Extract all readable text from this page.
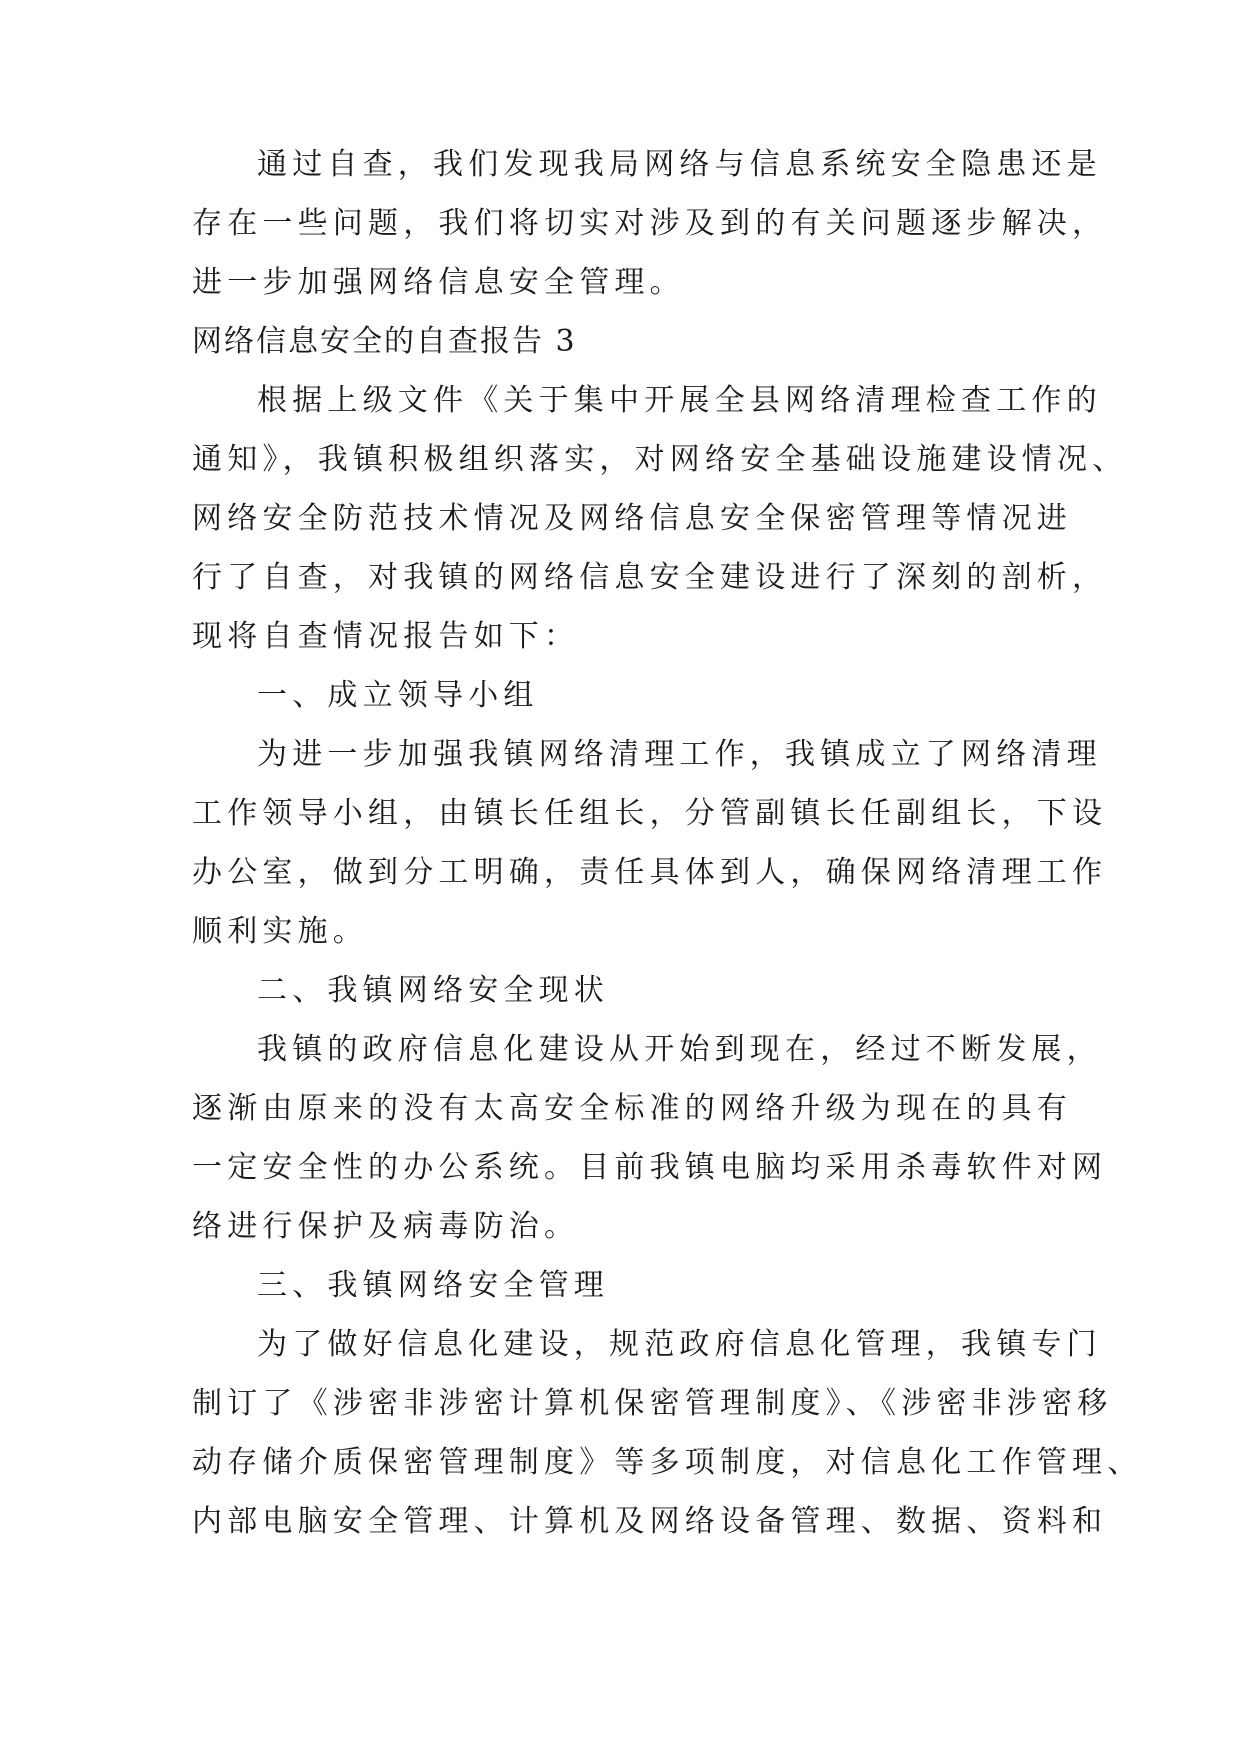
通过自查，我们发现我局网络与信息系统安全隐患还是
存在一些问题，我们将切实对涉及到的有关问题逐步解决，
进一步加强网络信息安全管理。
网络信息安全的自查报告 3
根据上级文件《关于集中开展全县网络清理检查工作的
通知》，我镇积极组织落实，对网络安全基础设施建设情况、
网络安全防范技术情况及网络信息安全保密管理等情况进
行了自查，对我镇的网络信息安全建设进行了深刻的剖析，
现将自查情况报告如下：
一、成立领导小组
为进一步加强我镇网络清理工作，我镇成立了网络清理
工作领导小组，由镇长任组长，分管副镇长任副组长，下设
办公室，做到分工明确，责任具体到人，确保网络清理工作
顺利实施。
二、我镇网络安全现状
我镇的政府信息化建设从开始到现在，经过不断发展，
逐渐由原来的没有太高安全标准的网络升级为现在的具有
一定安全性的办公系统。目前我镇电脑均采用杀毒软件对网
络进行保护及病毒防治。
三、我镇网络安全管理
为了做好信息化建设，规范政府信息化管理，我镇专门
制订了《涉密非涉密计算机保密管理制度》、《涉密非涉密移
动存储介质保密管理制度》等多项制度，对信息化工作管理、
内部电脑安全管理、计算机及网络设备管理、数据、资料和
